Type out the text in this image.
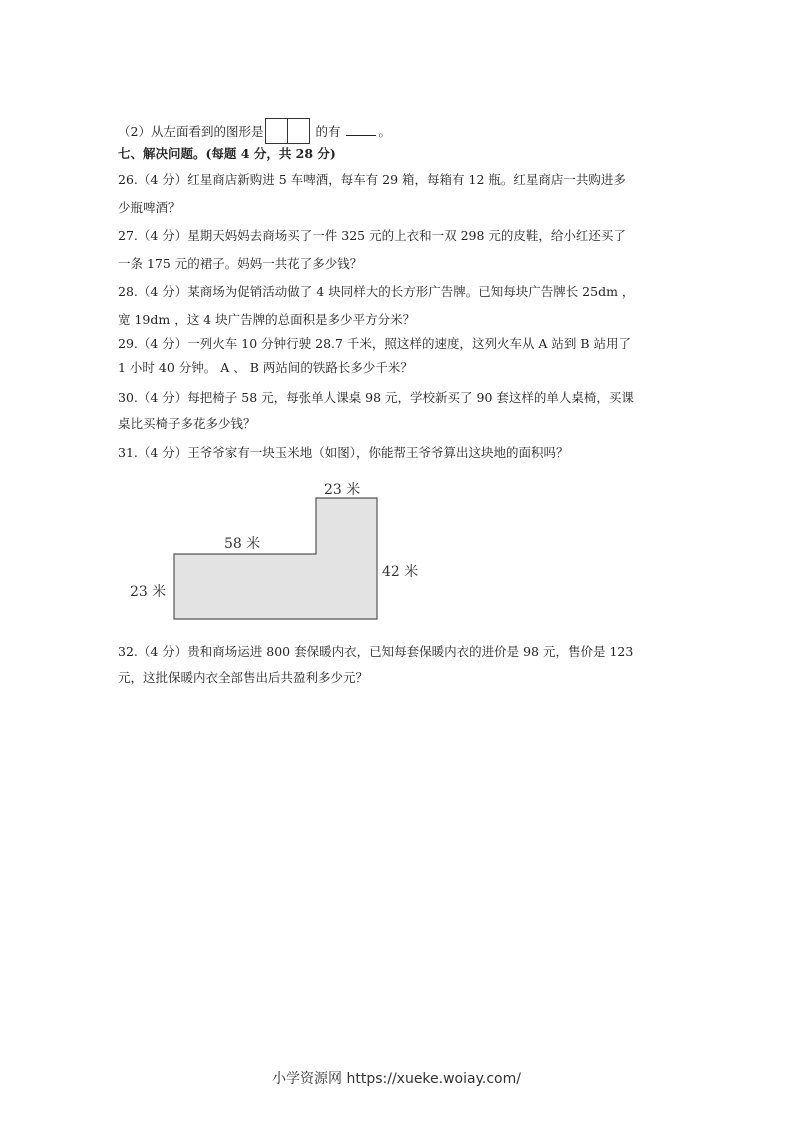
（2）从左面看到的图形是	的有	。
七、解决问题。(每题 4 分，共 28 分)
26.（4 分）红星商店新购进 5 车啤酒，每车有 29 箱，每箱有 12 瓶。红星商店一共购进多
少瓶啤酒？
27.（4 分）星期天妈妈去商场买了一件 325 元的上衣和一双 298 元的皮鞋，给小红还买了
一条 175 元的裙子。妈妈一共花了多少钱？
28.（4 分）某商场为促销活动做了 4 块同样大的长方形广告牌。已知每块广告牌长 25dm ，
宽 19dm ，这 4 块广告牌的总面积是多少平方分米？
29.（4 分）一列火车 10 分钟行驶 28.7 千米，照这样的速度，这列火车从 A 站到 B 站用了
1 小时 40 分钟。 A 、 B 两站间的铁路长多少千米？
30.（4 分）每把椅子 58 元，每张单人课桌 98 元，学校新买了 90 套这样的单人桌椅，买课
桌比买椅子多花多少钱？
31.（4 分）王爷爷家有一块玉米地（如图），你能帮王爷爷算出这块地的面积吗？
23 米
58 米
42 米
23 米
32.（4 分）贵和商场运进 800 套保暖内衣，已知每套保暖内衣的进价是 98 元，售价是 123
元，这批保暖内衣全部售出后共盈利多少元？
小学资源网 https://xueke.woiay.com/
